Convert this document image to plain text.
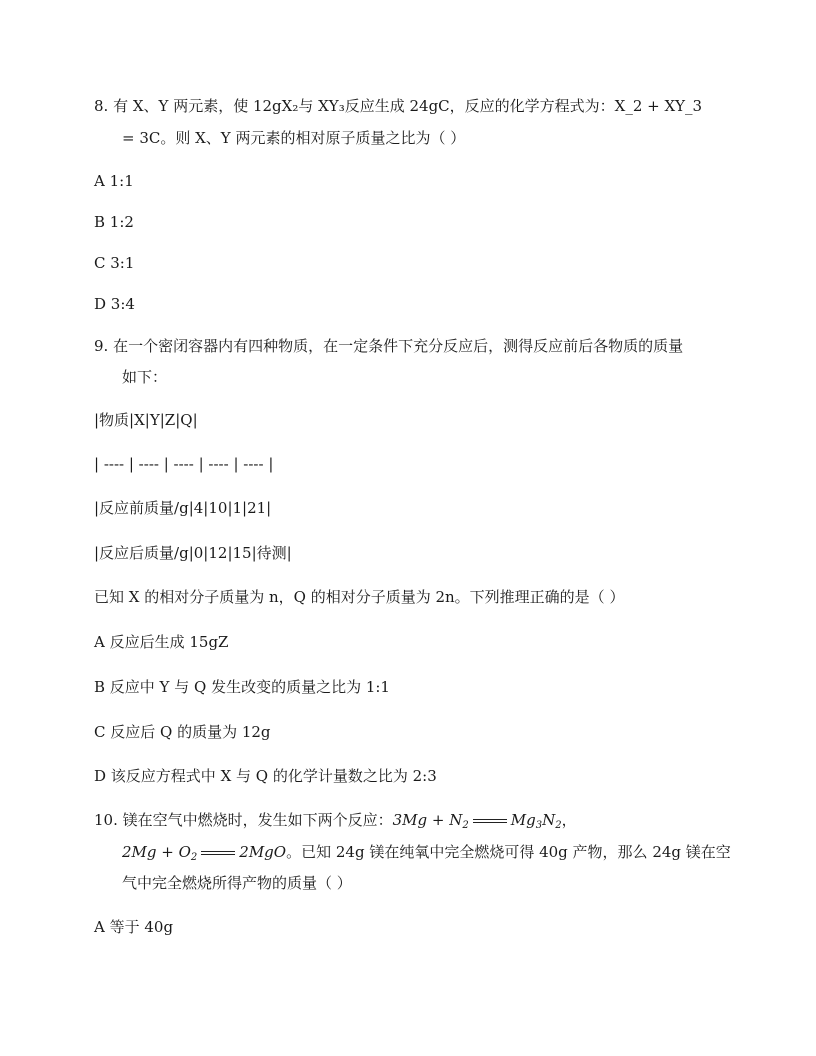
8. 有 X、Y 两元素，使 12gX₂与 XY₃反应生成 24gC，反应的化学方程式为：X_2 + XY_3
= 3C。则 X、Y 两元素的相对原子质量之比为（ ）
A 1:1
B 1:2
C 3:1
D 3:4
9. 在一个密闭容器内有四种物质，在一定条件下充分反应后，测得反应前后各物质的质量
如下：
|物质|X|Y|Z|Q|
| ---- | ---- | ---- | ---- | ---- |
|反应前质量/g|4|10|1|21|
|反应后质量/g|0|12|15|待测|
已知 X 的相对分子质量为 n，Q 的相对分子质量为 2n。下列推理正确的是（ ）
A 反应后生成 15gZ
B 反应中 Y 与 Q 发生改变的质量之比为 1:1
C 反应后 Q 的质量为 12g
D 该反应方程式中 X 与 Q 的化学计量数之比为 2:3
10. 镁在空气中燃烧时，发生如下两个反应：$3Mg + N_2$	$Mg_3N_2$，
$2Mg + O_2$	2MgO。已知 24g 镁在纯氧中完全燃烧可得 40g 产物，那么 24g 镁在空
气中完全燃烧所得产物的质量（ ）
A 等于 40g
